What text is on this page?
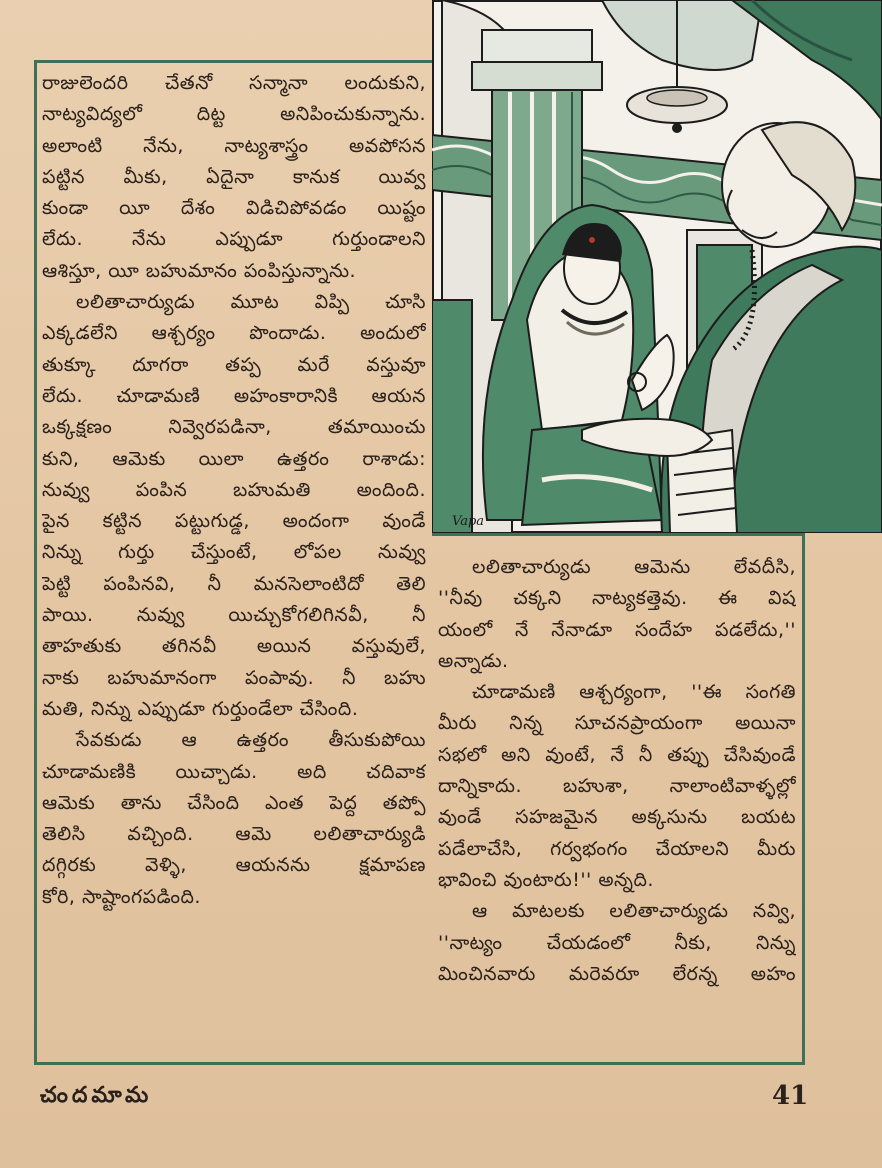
రాజులెందరి చేతనో సన్మానా లందుకుని,

నాట్యవిద్యలో దిట్ట అనిపించుకున్నాను.

అలాంటి నేను, నాట్యశాస్త్రం అవపోసన

పట్టిన మీకు, ఏదైనా కానుక యివ్వ

కుండా యీ దేశం విడిచిపోవడం యిష్టం

లేదు. నేను ఎప్పుడూ గుర్తుండాలని

ఆశిస్తూ, యీ బహుమానం పంపిస్తున్నాను.

లలితాచార్యుడు మూట విప్పి చూసి

ఎక్కడలేని ఆశ్చర్యం పొందాడు. అందులో

తుక్కూ దూగరా తప్ప మరే వస్తువూ

లేదు. చూడామణి అహంకారానికి ఆయన

ఒక్కక్షణం నివ్వెరపడినా, తమాయించు

కుని, ఆమెకు యిలా ఉత్తరం రాశాడు:

నువ్వు పంపిన బహుమతి అందింది.

పైన కట్టిన పట్టుగుడ్డ, అందంగా వుండే

నిన్ను గుర్తు చేస్తుంటే, లోపల నువ్వు

పెట్టి పంపినవి, నీ మనసెలాంటిదో తెలి

పాయి. నువ్వు యిచ్చుకోగలిగినవీ, నీ

తాహతుకు తగినవీ అయిన వస్తువులే,

నాకు బహుమానంగా పంపావు. నీ బహు

మతి, నిన్ను ఎప్పుడూ గుర్తుండేలా చేసింది.

సేవకుడు ఆ ఉత్తరం తీసుకుపోయి

చూడామణికి యిచ్చాడు. అది చదివాక

ఆమెకు తాను చేసింది ఎంత పెద్ద తప్పో

తెలిసి వచ్చింది. ఆమె లలితాచార్యుడి

దగ్గిరకు వెళ్ళి, ఆయనను క్షమాపణ

కోరి, సాష్టాంగపడింది.

Vapa

లలితాచార్యుడు ఆమెను లేవదీసి,

''నీవు చక్కని నాట్యకత్తెవు. ఈ విష

యంలో నే నేనాడూ సందేహ పడలేదు,''

అన్నాడు.

చూడామణి ఆశ్చర్యంగా, ''ఈ సంగతి

మీరు నిన్న సూచనప్రాయంగా అయినా

సభలో అని వుంటే, నే నీ తప్పు చేసివుండే

దాన్నికాదు. బహుశా, నాలాంటివాళ్ళల్లో

వుండే సహజమైన అక్కసును బయట

పడేలాచేసి, గర్వభంగం చేయాలని మీరు

భావించి వుంటారు!'' అన్నది.

ఆ మాటలకు లలితాచార్యుడు నవ్వి,

''నాట్యం చేయడంలో నీకు, నిన్ను

మించినవారు మరెవరూ లేరన్న అహం

చందమామ	41
